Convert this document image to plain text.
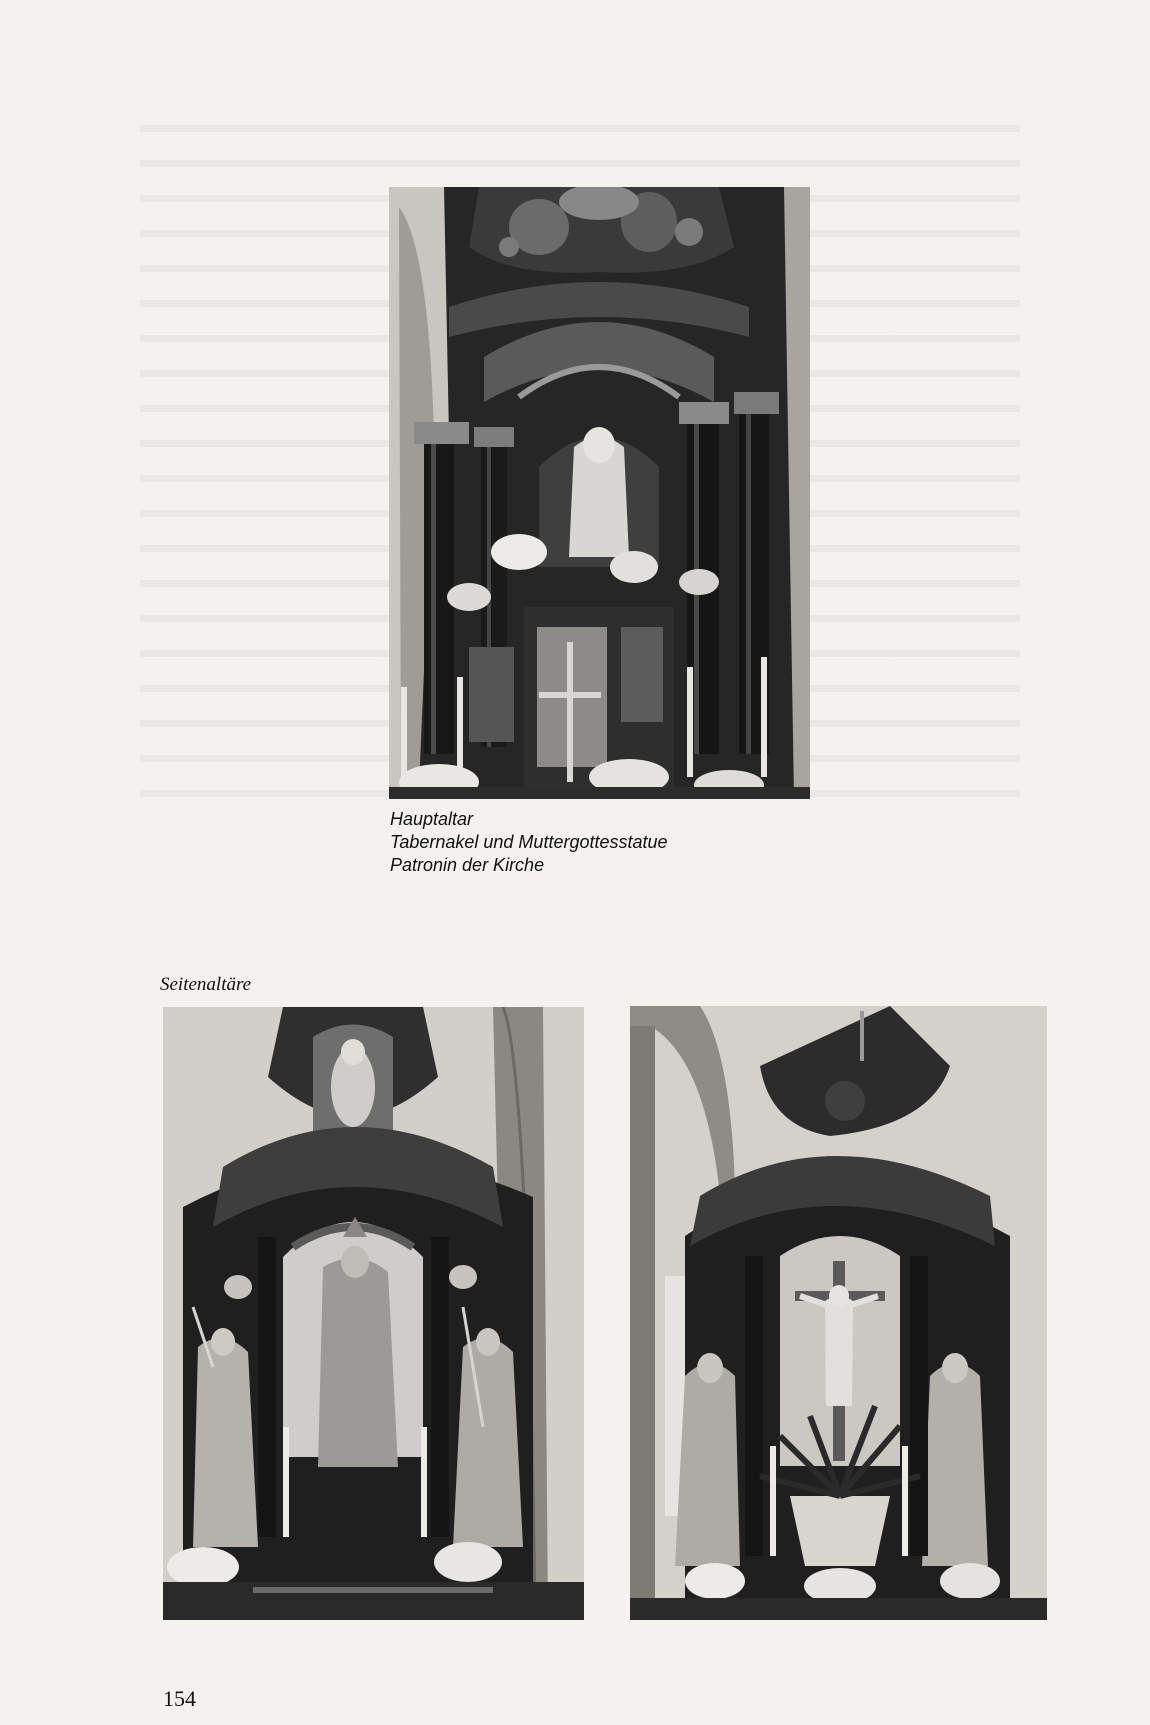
Hauptaltar
Tabernakel und Muttergottesstatue
Patronin der Kirche
Seitenaltäre
154
